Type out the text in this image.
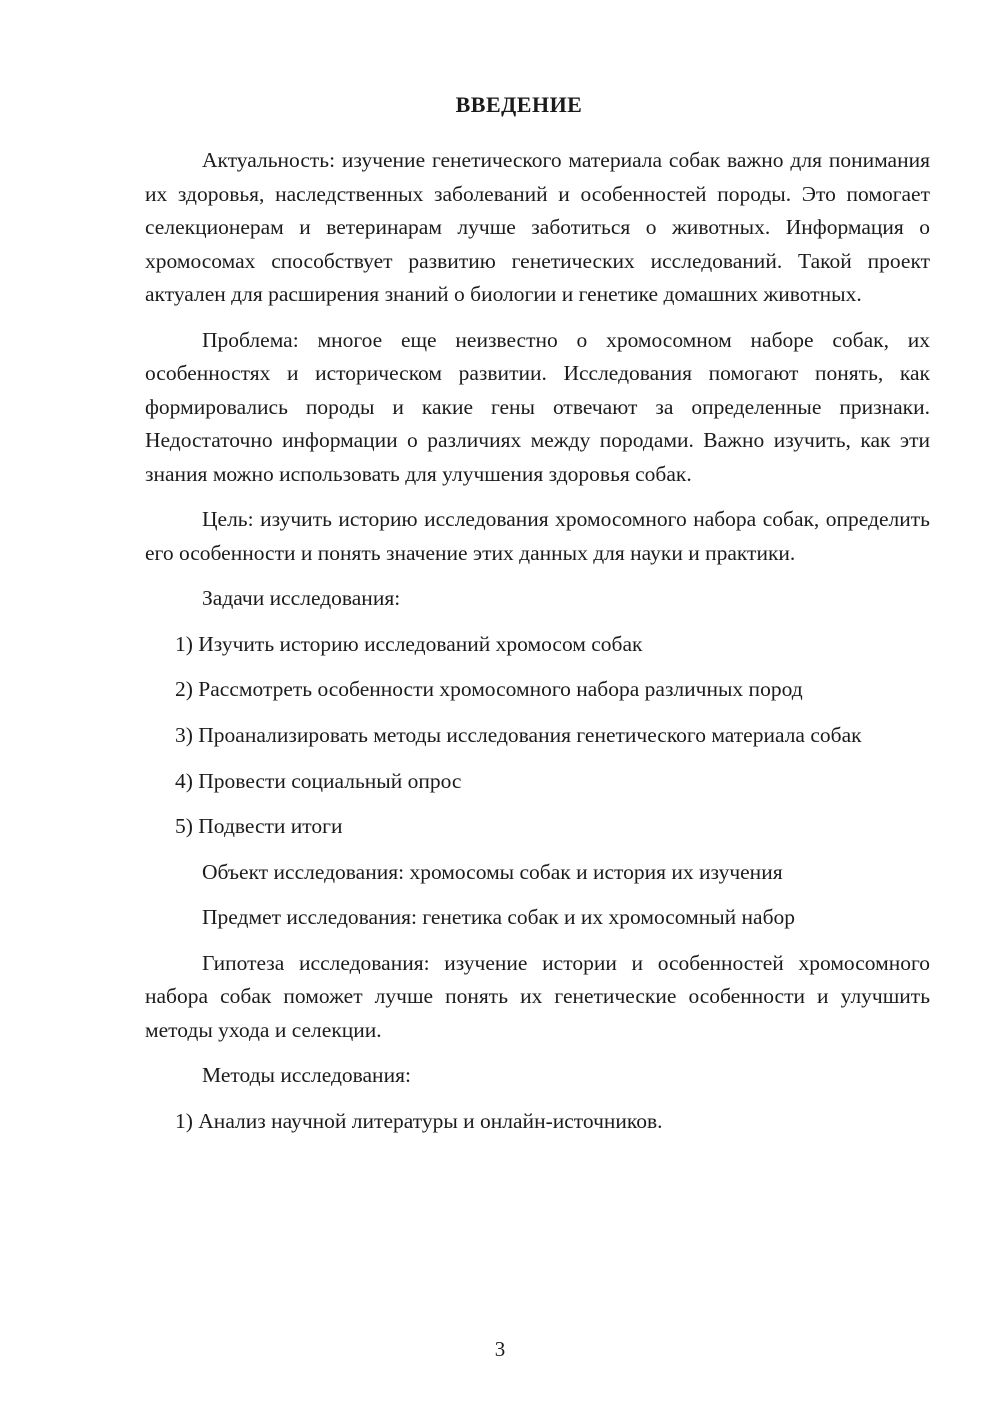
ВВЕДЕНИЕ

Актуальность: изучение генетического материала собак важно для понимания их здоровья, наследственных заболеваний и особенностей породы. Это помогает селекционерам и ветеринарам лучше заботиться о животных. Информация о хромосомах способствует развитию генетических исследований. Такой проект актуален для расширения знаний о биологии и генетике домашних животных.

Проблема: многое еще неизвестно о хромосомном наборе собак, их особенностях и историческом развитии. Исследования помогают понять, как формировались породы и какие гены отвечают за определенные признаки. Недостаточно информации о различиях между породами. Важно изучить, как эти знания можно использовать для улучшения здоровья собак.

Цель: изучить историю исследования хромосомного набора собак, определить его особенности и понять значение этих данных для науки и практики.

Задачи исследования:

1) Изучить историю исследований хромосом собак

2) Рассмотреть особенности хромосомного набора различных пород

3) Проанализировать методы исследования генетического материала собак

4) Провести социальный опрос

5) Подвести итоги

Объект исследования: хромосомы собак и история их изучения

Предмет исследования: генетика собак и их хромосомный набор

Гипотеза исследования: изучение истории и особенностей хромосомного набора собак поможет лучше понять их генетические особенности и улучшить методы ухода и селекции.

Методы исследования:

1) Анализ научной литературы и онлайн-источников.

3
